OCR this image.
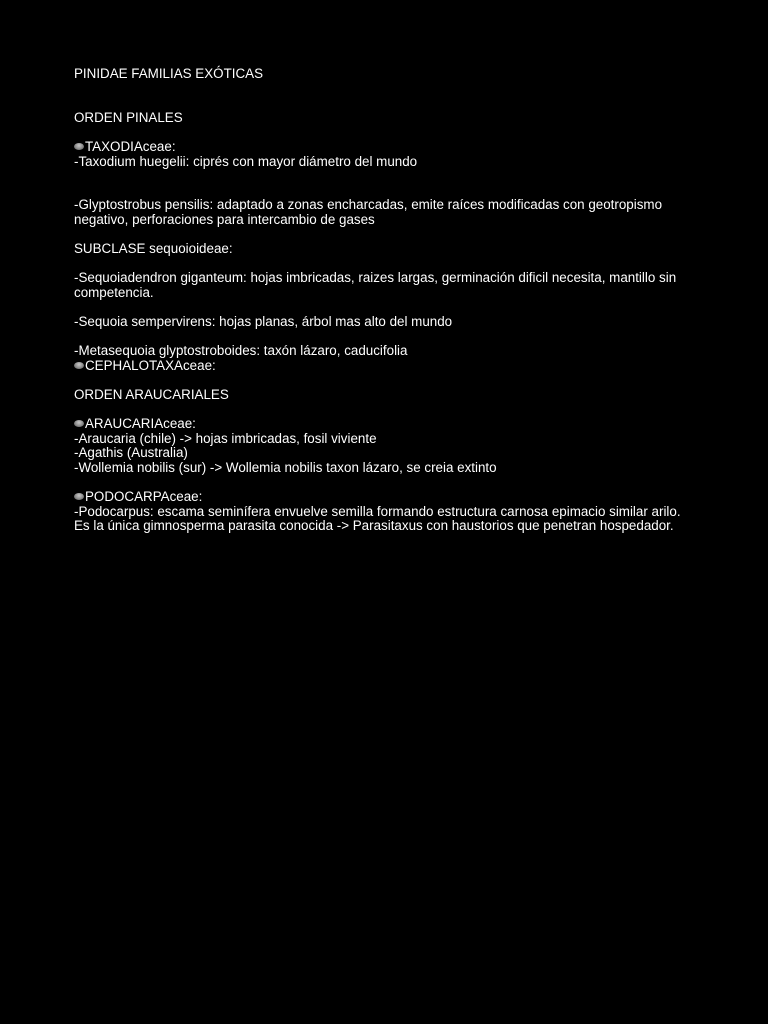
PINIDAE FAMILIAS EXÓTICAS
ORDEN PINALES
TAXODIAceae:
-Taxodium huegelii: ciprés con mayor diámetro del mundo
-Glyptostrobus pensilis: adaptado a zonas encharcadas, emite raíces modificadas con geotropismo negativo, perforaciones para intercambio de gases
SUBCLASE sequoioideae:
-Sequoiadendron giganteum: hojas imbricadas, raizes largas, germinación dificil necesita, mantillo sin competencia.
-Sequoia sempervirens: hojas planas, árbol mas alto del mundo
-Metasequoia glyptostroboides: taxón lázaro, caducifolia
CEPHALOTAXAceae:
ORDEN ARAUCARIALES
ARAUCARIAceae:
-Araucaria (chile) -> hojas imbricadas, fosil viviente
-Agathis (Australia)
-Wollemia nobilis (sur) -> Wollemia nobilis taxon lázaro, se creia extinto
PODOCARPAceae:
-Podocarpus: escama seminífera envuelve semilla formando estructura carnosa epimacio similar arilo.
Es la única gimnosperma parasita conocida -> Parasitaxus con haustorios que penetran hospedador.
